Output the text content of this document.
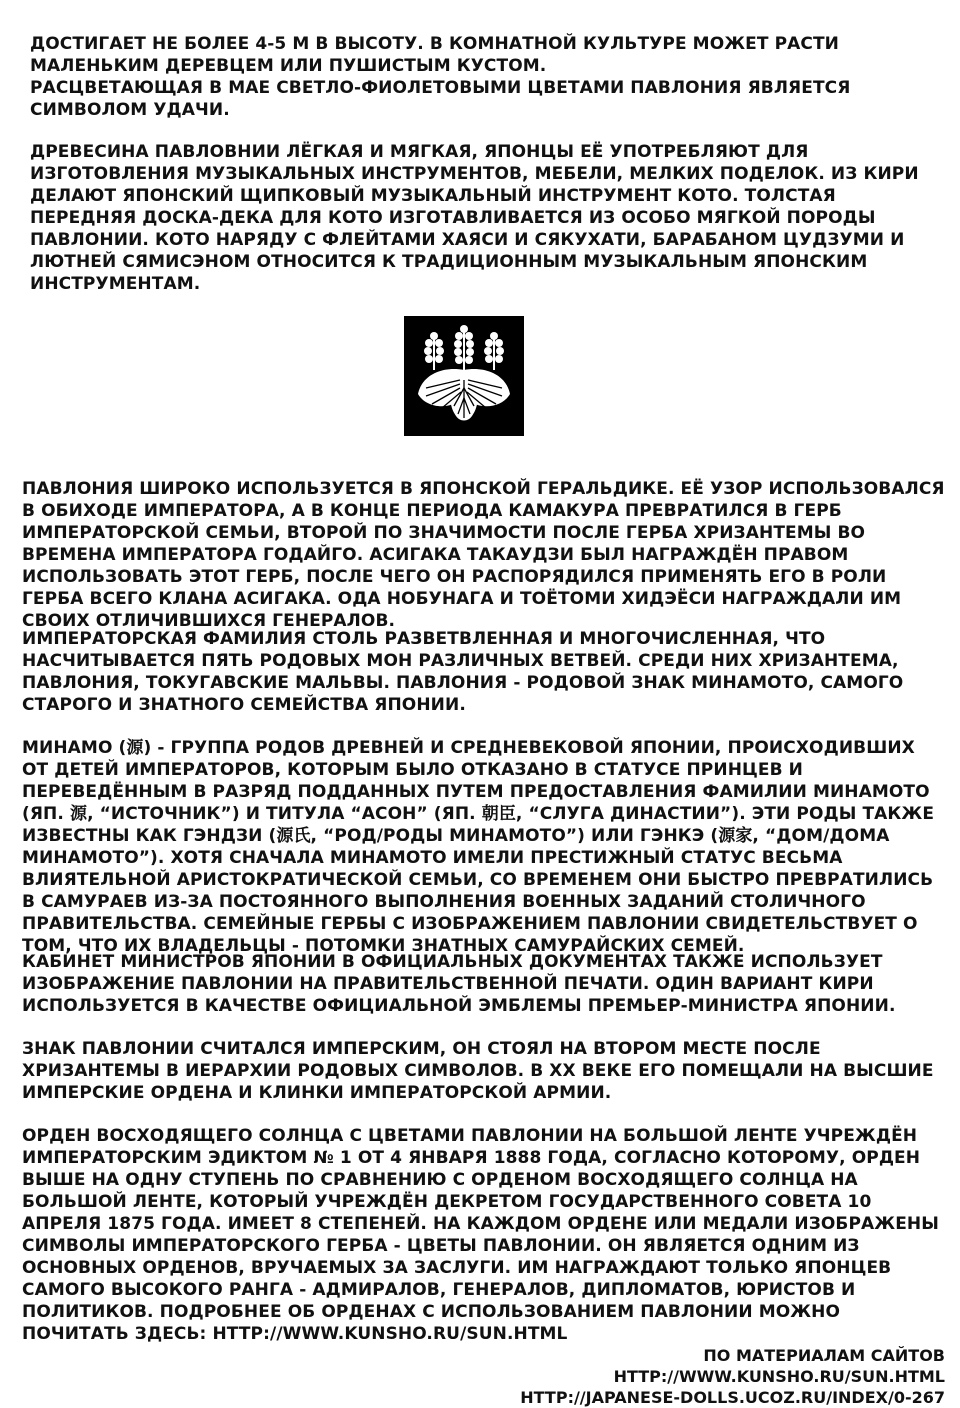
ДОСТИГАЕТ НЕ БОЛЕЕ 4-5 М В ВЫСОТУ. В КОМНАТНОЙ КУЛЬТУРЕ МОЖЕТ РАСТИ МАЛЕНЬКИМ ДЕРЕВЦЕМ ИЛИ ПУШИСТЫМ КУСТОМ.
РАСЦВЕТАЮЩАЯ В МАЕ СВЕТЛО-ФИОЛЕТОВЫМИ ЦВЕТАМИ ПАВЛОНИЯ ЯВЛЯЕТСЯ СИМВОЛОМ УДАЧИ.

ДРЕВЕСИНА ПАВЛОВНИИ ЛЁГКАЯ И МЯГКАЯ, ЯПОНЦЫ ЕЁ УПОТРЕБЛЯЮТ ДЛЯ ИЗГОТОВЛЕНИЯ МУЗЫКАЛЬНЫХ ИНСТРУМЕНТОВ, МЕБЕЛИ, МЕЛКИХ ПОДЕЛОК. ИЗ КИРИ ДЕЛАЮТ ЯПОНСКИЙ ЩИПКОВЫЙ МУЗЫКАЛЬНЫЙ ИНСТРУМЕНТ КОТО. ТОЛСТАЯ ПЕРЕДНЯЯ ДОСКА-ДЕКА ДЛЯ КОТО ИЗГОТАВЛИВАЕТСЯ ИЗ ОСОБО МЯГКОЙ ПОРОДЫ ПАВЛОНИИ. КОТО НАРЯДУ С ФЛЕЙТАМИ ХАЯСИ И СЯКУХАТИ, БАРАБАНОМ ЦУДЗУМИ И ЛЮТНЕЙ СЯМИСЭНОМ ОТНОСИТСЯ К ТРАДИЦИОННЫМ МУЗЫКАЛЬНЫМ ЯПОНСКИМ ИНСТРУМЕНТАМ.

ПАВЛОНИЯ ШИРОКО ИСПОЛЬЗУЕТСЯ В ЯПОНСКОЙ ГЕРАЛЬДИКЕ. ЕЁ УЗОР ИСПОЛЬЗОВАЛСЯ В ОБИХОДЕ ИМПЕРАТОРА, А В КОНЦЕ ПЕРИОДА КАМАКУРА ПРЕВРАТИЛСЯ В ГЕРБ ИМПЕРАТОРСКОЙ СЕМЬИ, ВТОРОЙ ПО ЗНАЧИМОСТИ ПОСЛЕ ГЕРБА ХРИЗАНТЕМЫ ВО ВРЕМЕНА ИМПЕРАТОРА ГОДАЙГО. АСИГАКА ТАКАУДЗИ БЫЛ НАГРАЖДЁН ПРАВОМ ИСПОЛЬЗОВАТЬ ЭТОТ ГЕРБ, ПОСЛЕ ЧЕГО ОН РАСПОРЯДИЛСЯ ПРИМЕНЯТЬ ЕГО В РОЛИ ГЕРБА ВСЕГО КЛАНА АСИГАКА. ОДА НОБУНАГА И ТОЁТОМИ ХИДЭЁСИ НАГРАЖДАЛИ ИМ СВОИХ ОТЛИЧИВШИХСЯ ГЕНЕРАЛОВ.

ИМПЕРАТОРСКАЯ ФАМИЛИЯ СТОЛЬ РАЗВЕТВЛЕННАЯ И МНОГОЧИСЛЕННАЯ, ЧТО НАСЧИТЫВАЕТСЯ ПЯТЬ РОДОВЫХ МОН РАЗЛИЧНЫХ ВЕТВЕЙ. СРЕДИ НИХ ХРИЗАНТЕМА, ПАВЛОНИЯ, ТОКУГАВСКИЕ МАЛЬВЫ. ПАВЛОНИЯ - РОДОВОЙ ЗНАК МИНАМОТО, САМОГО СТАРОГО И ЗНАТНОГО СЕМЕЙСТВА ЯПОНИИ.

МИНАМО (源) - ГРУППА РОДОВ ДРЕВНЕЙ И СРЕДНЕВЕКОВОЙ ЯПОНИИ, ПРОИСХОДИВШИХ ОТ ДЕТЕЙ ИМПЕРАТОРОВ, КОТОРЫМ БЫЛО ОТКАЗАНО В СТАТУСЕ ПРИНЦЕВ И ПЕРЕВЕДЁННЫМ В РАЗРЯД ПОДДАННЫХ ПУТЕМ ПРЕДОСТАВЛЕНИЯ ФАМИЛИИ МИНАМОТО (ЯП. 源, “ИСТОЧНИК”) И ТИТУЛА “АСОН” (ЯП. 朝臣, “СЛУГА ДИНАСТИИ”). ЭТИ РОДЫ ТАКЖЕ ИЗВЕСТНЫ КАК ГЭНДЗИ (源氏, “РОД/РОДЫ МИНАМОТО”) ИЛИ ГЭНКЭ (源家, “ДОМ/ДОМА МИНАМОТО”). ХОТЯ СНАЧАЛА МИНАМОТО ИМЕЛИ ПРЕСТИЖНЫЙ СТАТУС ВЕСЬМА ВЛИЯТЕЛЬНОЙ АРИСТОКРАТИЧЕСКОЙ СЕМЬИ, СО ВРЕМЕНЕМ ОНИ БЫСТРО ПРЕВРАТИЛИСЬ В САМУРАЕВ ИЗ-ЗА ПОСТОЯННОГО ВЫПОЛНЕНИЯ ВОЕННЫХ ЗАДАНИЙ СТОЛИЧНОГО ПРАВИТЕЛЬСТВА. СЕМЕЙНЫЕ ГЕРБЫ С ИЗОБРАЖЕНИЕМ ПАВЛОНИИ СВИДЕТЕЛЬСТВУЕТ О ТОМ, ЧТО ИХ ВЛАДЕЛЬЦЫ - ПОТОМКИ ЗНАТНЫХ САМУРАЙСКИХ СЕМЕЙ.

КАБИНЕТ МИНИСТРОВ ЯПОНИИ В ОФИЦИАЛЬНЫХ ДОКУМЕНТАХ ТАКЖЕ ИСПОЛЬЗУЕТ ИЗОБРАЖЕНИЕ ПАВЛОНИИ НА ПРАВИТЕЛЬСТВЕННОЙ ПЕЧАТИ. ОДИН ВАРИАНТ КИРИ ИСПОЛЬЗУЕТСЯ В КАЧЕСТВЕ ОФИЦИАЛЬНОЙ ЭМБЛЕМЫ ПРЕМЬЕР-МИНИСТРА ЯПОНИИ.

ЗНАК ПАВЛОНИИ СЧИТАЛСЯ ИМПЕРСКИМ, ОН СТОЯЛ НА ВТОРОМ МЕСТЕ ПОСЛЕ ХРИЗАНТЕМЫ В ИЕРАРХИИ РОДОВЫХ СИМВОЛОВ. В XX ВЕКЕ ЕГО ПОМЕЩАЛИ НА ВЫСШИЕ ИМПЕРСКИЕ ОРДЕНА И КЛИНКИ ИМПЕРАТОРСКОЙ АРМИИ.

ОРДЕН ВОСХОДЯЩЕГО СОЛНЦА С ЦВЕТАМИ ПАВЛОНИИ НА БОЛЬШОЙ ЛЕНТЕ УЧРЕЖДЁН ИМПЕРАТОРСКИМ ЭДИКТОМ № 1 ОТ 4 ЯНВАРЯ 1888 ГОДА, СОГЛАСНО КОТОРОМУ, ОРДЕН ВЫШЕ НА ОДНУ СТУПЕНЬ ПО СРАВНЕНИЮ С ОРДЕНОМ ВОСХОДЯЩЕГО СОЛНЦА НА БОЛЬШОЙ ЛЕНТЕ, КОТОРЫЙ УЧРЕЖДЁН ДЕКРЕТОМ ГОСУДАРСТВЕННОГО СОВЕТА 10 АПРЕЛЯ 1875 ГОДА. ИМЕЕТ 8 СТЕПЕНЕЙ. НА КАЖДОМ ОРДЕНЕ ИЛИ МЕДАЛИ ИЗОБРАЖЕНЫ СИМВОЛЫ ИМПЕРАТОРСКОГО ГЕРБА - ЦВЕТЫ ПАВЛОНИИ. ОН ЯВЛЯЕТСЯ ОДНИМ ИЗ ОСНОВНЫХ ОРДЕНОВ, ВРУЧАЕМЫХ ЗА ЗАСЛУГИ. ИМ НАГРАЖДАЮТ ТОЛЬКО ЯПОНЦЕВ САМОГО ВЫСОКОГО РАНГА - АДМИРАЛОВ, ГЕНЕРАЛОВ, ДИПЛОМАТОВ, ЮРИСТОВ И ПОЛИТИКОВ. ПОДРОБНЕЕ ОБ ОРДЕНАХ С ИСПОЛЬЗОВАНИЕМ ПАВЛОНИИ МОЖНО ПОЧИТАТЬ ЗДЕСЬ: HTTP://WWW.KUNSHO.RU/SUN.HTML

ПО МАТЕРИАЛАМ САЙТОВ HTTP://WWW.KUNSHO.RU/SUN.HTML
HTTP://JAPANESE-DOLLS.UCOZ.RU/INDEX/0-267
